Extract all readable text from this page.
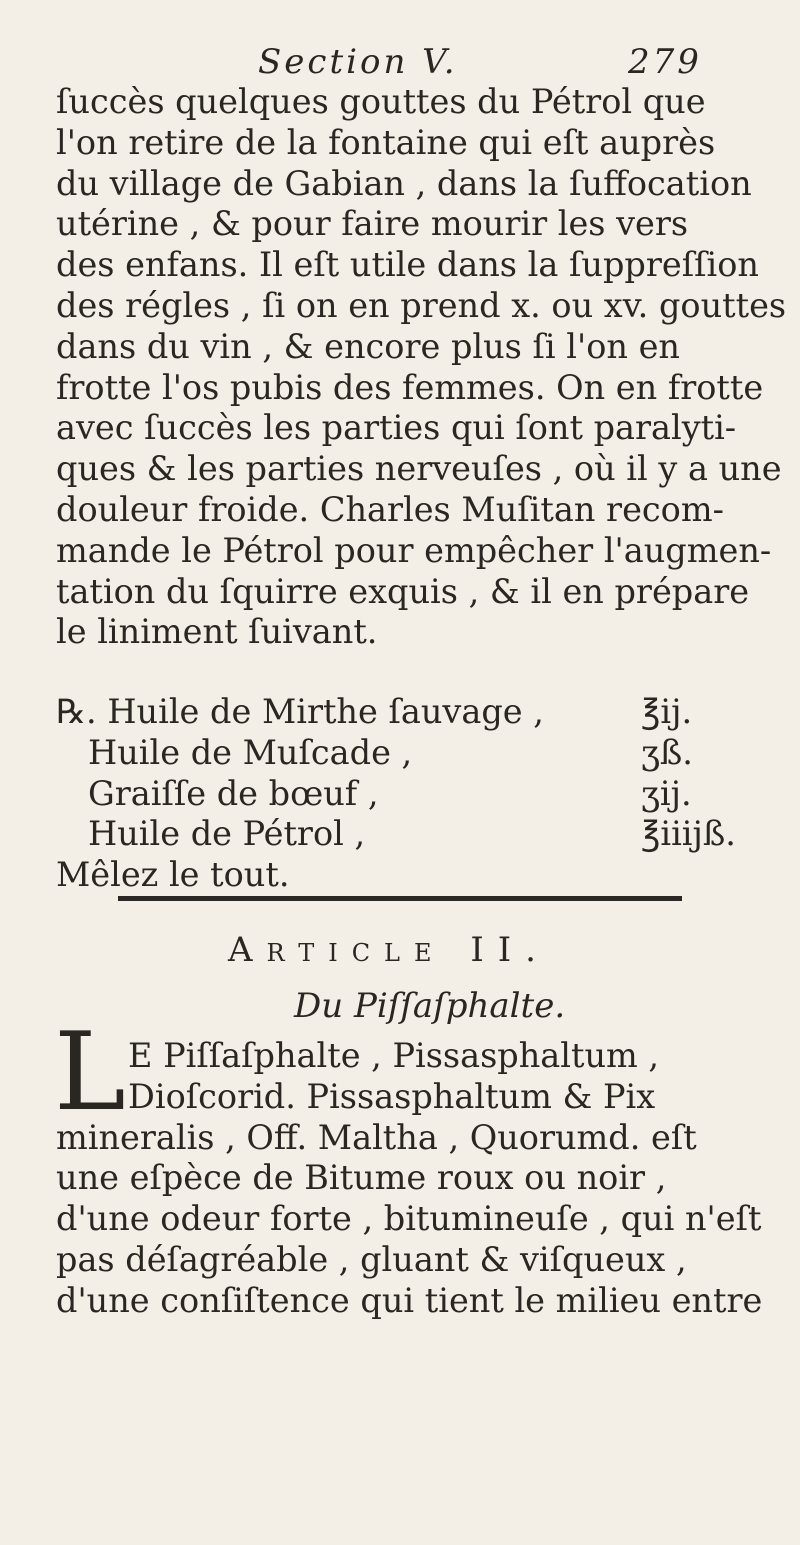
Section V.	279
ſuccès quelques gouttes du Pétrol que
l'on retire de la fontaine qui eſt auprès
du village de Gabian , dans la ſuffocation
utérine , & pour faire mourir les vers
des enfans. Il eſt utile dans la ſuppreſſion
des régles , ſi on en prend x. ou xv. gouttes
dans du vin , & encore plus ſi l'on en
frotte l'os pubis des femmes. On en frotte
avec ſuccès les parties qui ſont paralyti-
ques & les parties nerveuſes , où il y a une
douleur froide. Charles Muſitan recom-
mande le Pétrol pour empêcher l'augmen-
tation du ſquirre exquis , & il en prépare
le liniment ſuivant.
℞. Huile de Mirthe ſauvage ,	℥ij.
Huile de Muſcade ,	ʒß.
Graiſſe de bœuf ,	ʒij.
Huile de Pétrol ,	℥iiijß.
Mêlez le tout.
Article II.
Du Piſſaſphalte.
L E Piſſaſphalte , Pissasphaltum ,
Dioſcorid. Pissasphaltum & Pix
mineralis , Off. Maltha , Quorumd. eſt
une eſpèce de Bitume roux ou noir ,
d'une odeur forte , bitumineuſe , qui n'eſt
pas déſagréable , gluant & viſqueux ,
d'une conſiſtence qui tient le milieu entre
